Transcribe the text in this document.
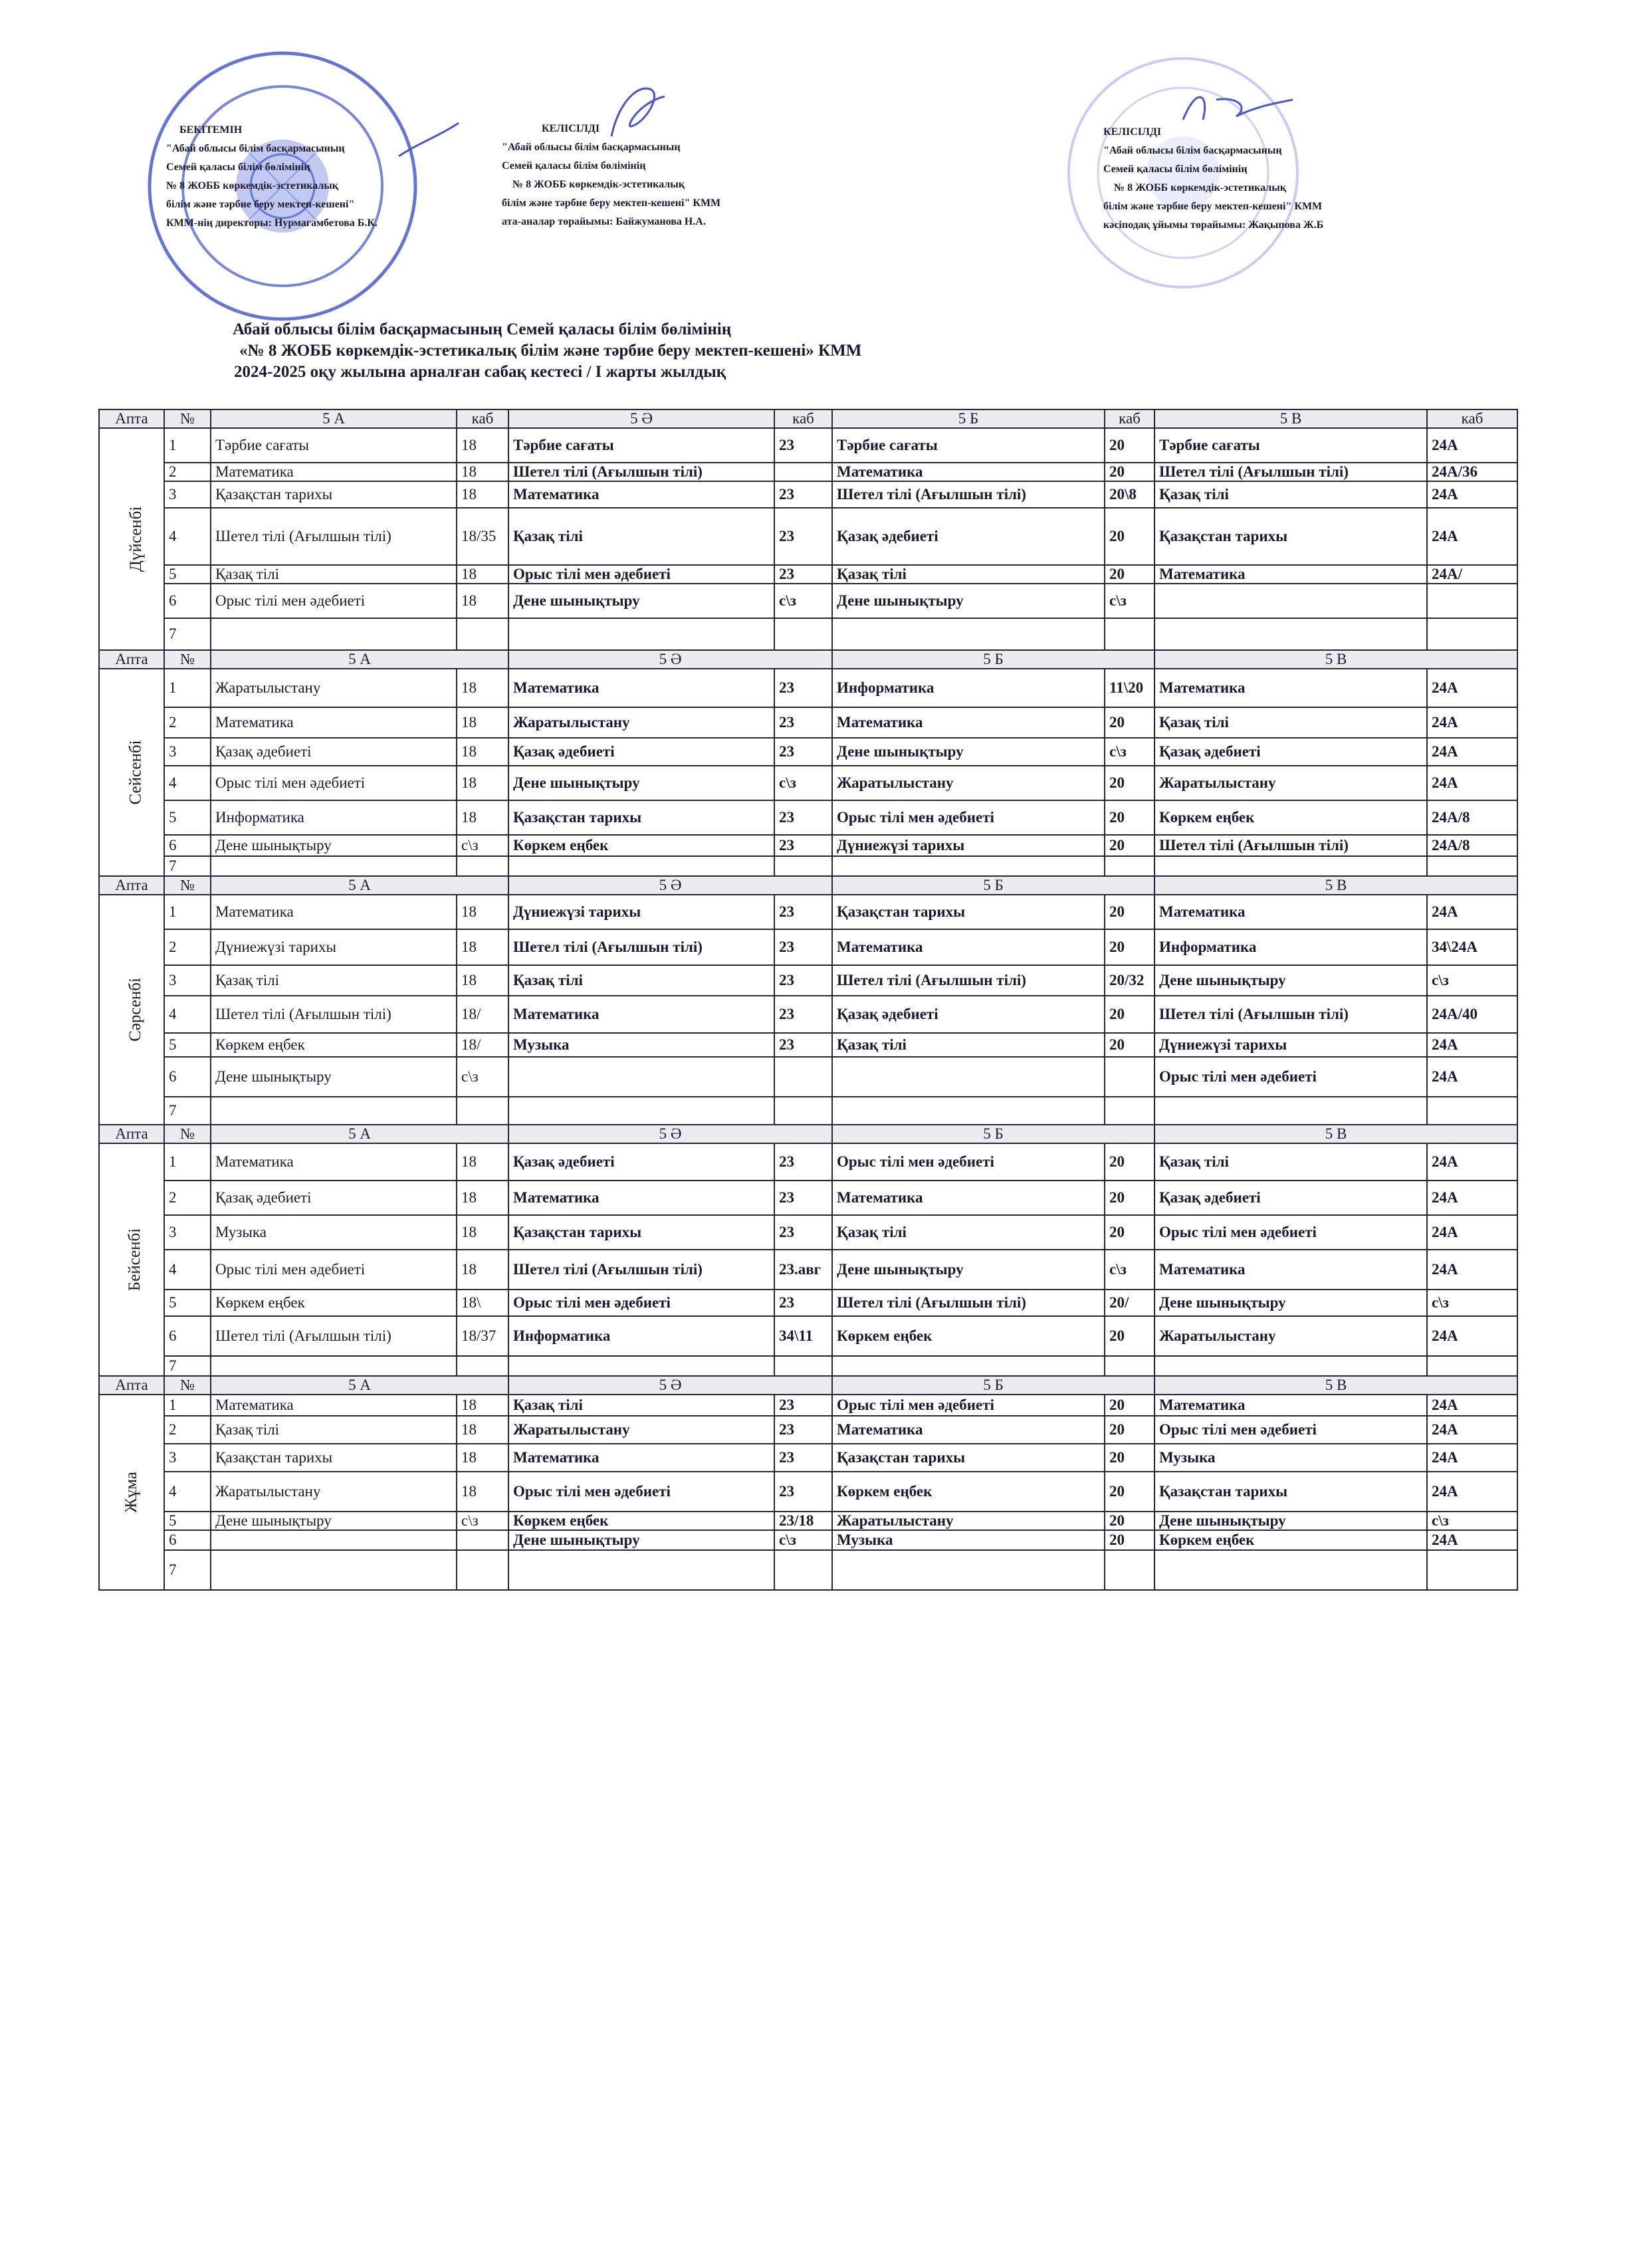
БЕКІТЕМІН
"Абай облысы білім басқармасының
Семей қаласы білім бөлімінің
№ 8 ЖОББ көркемдік-эстетикалық
білім және тәрбие беру мектеп-кешені"
КММ-нің директоры: Нурмагамбетова Б.К.
КЕЛІСІЛДІ
"Абай облысы білім басқармасының
Семей қаласы білім бөлімінің
№ 8 ЖОББ көркемдік-эстетикалық
білім және тәрбие беру мектеп-кешені" КММ
ата-аналар төрайымы: Байжуманова Н.А.
КЕЛІСІЛДІ
"Абай облысы білім басқармасының
Семей қаласы білім бөлімінің
№ 8 ЖОББ көркемдік-эстетикалық
білім және тәрбие беру мектеп-кешені" КММ
кәсіподақ ұйымы төрайымы: Жақыпова Ж.Б
Абай облысы білім басқармасының Семей қаласы білім бөлімінің
«№ 8 ЖОББ көркемдік-эстетикалық білім және тәрбие беру мектеп-кешені» КММ
2024-2025 оқу жылына арналған сабақ кестесі / І жарты жылдық
Апта	№	5 А	каб	5 Ә	каб	5 Б	каб	5 В	каб
Дүйсенбі	1	Тәрбие сағаты	18	Тәрбие сағаты	23	Тәрбие сағаты	20	Тәрбие сағаты	24А
	2	Математика	18	Шетел тілі (Ағылшын тілі)		Математика	20	Шетел тілі (Ағылшын тілі)	24А/36
	3	Қазақстан тарихы	18	Математика	23	Шетел тілі (Ағылшын тілі)	20\8	Қазақ тілі	24А
	4	Шетел тілі (Ағылшын тілі)	18/35	Қазақ тілі	23	Қазақ әдебиеті	20	Қазақстан тарихы	24А
	5	Қазақ тілі	18	Орыс тілі мен әдебиеті	23	Қазақ тілі	20	Математика	24А/
	6	Орыс тілі мен әдебиеті	18	Дене шынықтыру	с\з	Дене шынықтыру	с\з		
	7								
Апта	№	5 А		5 Ә		5 Б		5 В	
Сейсенбі	1	Жаратылыстану	18	Математика	23	Информатика	11\20	Математика	24А
	2	Математика	18	Жаратылыстану	23	Математика	20	Қазақ тілі	24А
	3	Қазақ әдебиеті	18	Қазақ әдебиеті	23	Дене шынықтыру	с\з	Қазақ әдебиеті	24А
	4	Орыс тілі мен әдебиеті	18	Дене шынықтыру	с\з	Жаратылыстану	20	Жаратылыстану	24А
	5	Информатика	18	Қазақстан тарихы	23	Орыс тілі мен әдебиеті	20	Көркем еңбек	24А/8
	6	Дене шынықтыру	с\з	Көркем еңбек	23	Дүниежүзі тарихы	20	Шетел тілі (Ағылшын тілі)	24А/8
	7								
Апта	№	5 А		5 Ә		5 Б		5 В	
Сәрсенбі	1	Математика	18	Дүниежүзі тарихы	23	Қазақстан тарихы	20	Математика	24А
	2	Дүниежүзі тарихы	18	Шетел тілі (Ағылшын тілі)	23	Математика	20	Информатика	34\24А
	3	Қазақ тілі	18	Қазақ тілі	23	Шетел тілі (Ағылшын тілі)	20/32	Дене шынықтыру	с\з
	4	Шетел тілі (Ағылшын тілі)	18/	Математика	23	Қазақ әдебиеті	20	Шетел тілі (Ағылшын тілі)	24А/40
	5	Көркем еңбек	18/	Музыка	23	Қазақ тілі	20	Дүниежүзі тарихы	24А
	6	Дене шынықтыру	с\з					Орыс тілі мен әдебиеті	24А
	7								
Апта	№	5 А		5 Ә		5 Б		5 В	
Бейсенбі	1	Математика	18	Қазақ әдебиеті	23	Орыс тілі мен әдебиеті	20	Қазақ тілі	24А
	2	Қазақ әдебиеті	18	Математика	23	Математика	20	Қазақ әдебиеті	24А
	3	Музыка	18	Қазақстан тарихы	23	Қазақ тілі	20	Орыс тілі мен әдебиеті	24А
	4	Орыс тілі мен әдебиеті	18	Шетел тілі (Ағылшын тілі)	23.авг	Дене шынықтыру	с\з	Математика	24А
	5	Көркем еңбек	18\	Орыс тілі мен әдебиеті	23	Шетел тілі (Ағылшын тілі)	20/	Дене шынықтыру	с\з
	6	Шетел тілі (Ағылшын тілі)	18/37	Информатика	34\11	Көркем еңбек	20	Жаратылыстану	24А
	7								
Апта	№	5 А		5 Ә		5 Б		5 В	
Жұма	1	Математика	18	Қазақ тілі	23	Орыс тілі мен әдебиеті	20	Математика	24А
	2	Қазақ тілі	18	Жаратылыстану	23	Математика	20	Орыс тілі мен әдебиеті	24А
	3	Қазақстан тарихы	18	Математика	23	Қазақстан тарихы	20	Музыка	24А
	4	Жаратылыстану	18	Орыс тілі мен әдебиеті	23	Көркем еңбек	20	Қазақстан тарихы	24А
	5	Дене шынықтыру	с\з	Көркем еңбек	23/18	Жаратылыстану	20	Дене шынықтыру	с\з
	6			Дене шынықтыру	с\з	Музыка	20	Көркем еңбек	24А
	7								
